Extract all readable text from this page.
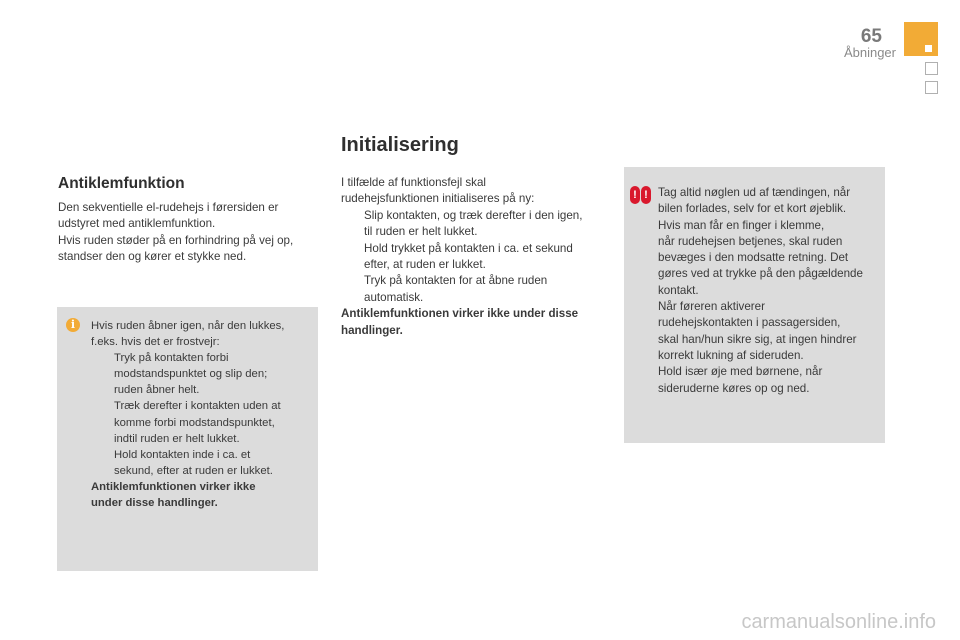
65
Åbninger
Antiklemfunktion
Den sekventielle el-rudehejs i førersiden er
udstyret med antiklemfunktion.
Hvis ruden støder på en forhindring på vej op,
standser den og kører et stykke ned.
i	Hvis ruden åbner igen, når den lukkes,
f.eks. hvis det er frostvejr:
Tryk på kontakten forbi
modstandspunktet og slip den;
ruden åbner helt.
Træk derefter i kontakten uden at
komme forbi modstandspunktet,
indtil ruden er helt lukket.
Hold kontakten inde i ca. et
sekund, efter at ruden er lukket.
Antiklemfunktionen virker ikke
under disse handlinger.
Initialisering
I tilfælde af funktionsfejl skal
rudehejsfunktionen initialiseres på ny:
Slip kontakten, og træk derefter i den igen,
til ruden er helt lukket.
Hold trykket på kontakten i ca. et sekund
efter, at ruden er lukket.
Tryk på kontakten for at åbne ruden
automatisk.
Antiklemfunktionen virker ikke under disse
handlinger.
! ! Tag altid nøglen ud af tændingen, når
bilen forlades, selv for et kort øjeblik.
Hvis man får en finger i klemme,
når rudehejsen betjenes, skal ruden
bevæges i den modsatte retning. Det
gøres ved at trykke på den pågældende
kontakt.
Når føreren aktiverer
rudehejskontakten i passagersiden,
skal han/hun sikre sig, at ingen hindrer
korrekt lukning af sideruden.
Hold især øje med børnene, når
sideruderne køres op og ned.
carmanualsonline.info
